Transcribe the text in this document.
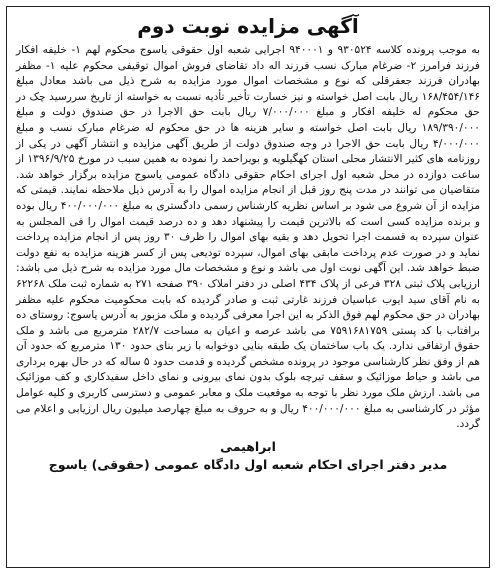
آگهی مزایده نوبت دوم

به موجب پرونده کلاسه ۹۳۰۵۲۴ و ۹۴۰۰۰۱ اجرایی شعبه اول حقوقی یاسوج محکوم لهم ۱- خلیفه افکار فرزند فرامرز ۲- ضرغام مبارک نسب فرزند اله داد تقاضای فروش اموال توقیفی محکوم علیه ۱- مظفر بهادران فرزند جعفرقلی که نوع و مشخصات اموال مورد مزایده به شرح ذیل می باشد معادل مبلغ ۱۶۸/۴۵۴/۱۴۶ ریال بابت اصل خواسته و نیز خسارت تأخیر تأدیه نسبت به خواسته از تاریخ سررسید چک در حق محکوم له خلیفه افکار و مبلغ ۷/۰۰۰/۰۰۰ ریال بابت حق الاجرا در حق صندوق دولت و مبلغ ۱۸۹/۳۹۰/۰۰۰ ریال بابت اصل خواسته و سایر هزینه ها در حق محکوم له ضرغام مبارک نسب و مبلغ ۴/۰۰۰/۰۰۰ ریال بابت حق الاجرا در وجه صندوق دولت از طریق آگهی مزایده و انتشار آگهی در یکی از روزنامه های کثیر الانتشار محلی استان کهگیلویه و بویراحمد را نموده به همین سبب در مورخ ۱۳۹۶/۹/۲۵ از ساعت دوازده در محل شعبه اول اجرای احکام حقوقی دادگاه عمومی یاسوج مزایده برگزار خواهد شد. متقاضیان می توانند در مدت پنج روز قبل از انجام مزایده اموال را به آدرس ذیل ملاحظه نمایند. قیمتی که مزایده از آن شروع می شود بر اساس نظریه کارشناس رسمی دادگستری به مبلغ ۴۰۰/۰۰۰/۰۰۰ ریال بوده و برنده مزایده کسی است که بالاترین قیمت را پیشنهاد دهد و ده درصد قیمت اموال را فی المجلس به عنوان سپرده به قسمت اجرا تحویل دهد و بقیه بهای اموال را ظرف ۳۰ روز پس از انجام مزایده پرداخت نماید و در صورت عدم پرداخت مابقی بهای اموال، سپرده تودیعی پس از کسر هزینه مزایده به نفع دولت ضبط خواهد شد. این آگهی نوبت اول می باشد و نوع و مشخصات مال مورد مزایده به شرح ذیل می باشد: ارزیابی پلاک ثبتی ۳۲۸ فرعی از پلاک ۴۳۴ اصلی در دفتر املاک ۳۹۰ صفحه ۲۷۱ به شماره ثبت ملک ۶۲۲۶۸ به نام آقای سید ایوب عباسیان فرزند غارتی ثبت و صادر گردیده که بابت محکومیت محکوم علیه مظفر بهادران در حق محکوم لهم فوق الذکر به این اجرا معرفی گردیده و ملک مزبور به آدرس یاسوج: روستای ده برافتاب با کد پستی ۷۵۹۱۶۸۱۷۵۹ می باشد عرصه و اعیان به مساحت ۲۸۲/۷ مترمربع می باشد و ملک حقوق ارتفاقی ندارد. یک باب ساختمان یک طبقه بنایی دوخوابه با زیر بنای حدود ۱۳۰ مترمربع که حدود آن هم از وفق نظر کارشناسی موجود در پرونده مشخص گردیده و قدمت حدود ۵ ساله که در حال بهره برداری می باشد و حیاط موزائیک و سقف تیرچه بلوک بدون نمای بیرونی و نمای داخل سفیدکاری و کف موزائیک می باشد. ارزش ملک مورد نظر با توجه به موقعیت ملک و معابر عمومی و دسترسی کاربری و کلیه عوامل مؤثر در کارشناسی به مبلغ ۴۰۰/۰۰۰/۰۰۰ ریال و به حروف به مبلغ چهارصد میلیون ریال ارزیابی و اعلام می گردد.

ابراهیمی
مدیر دفتر اجرای احکام شعبه اول دادگاه عمومی (حقوقی) یاسوج
